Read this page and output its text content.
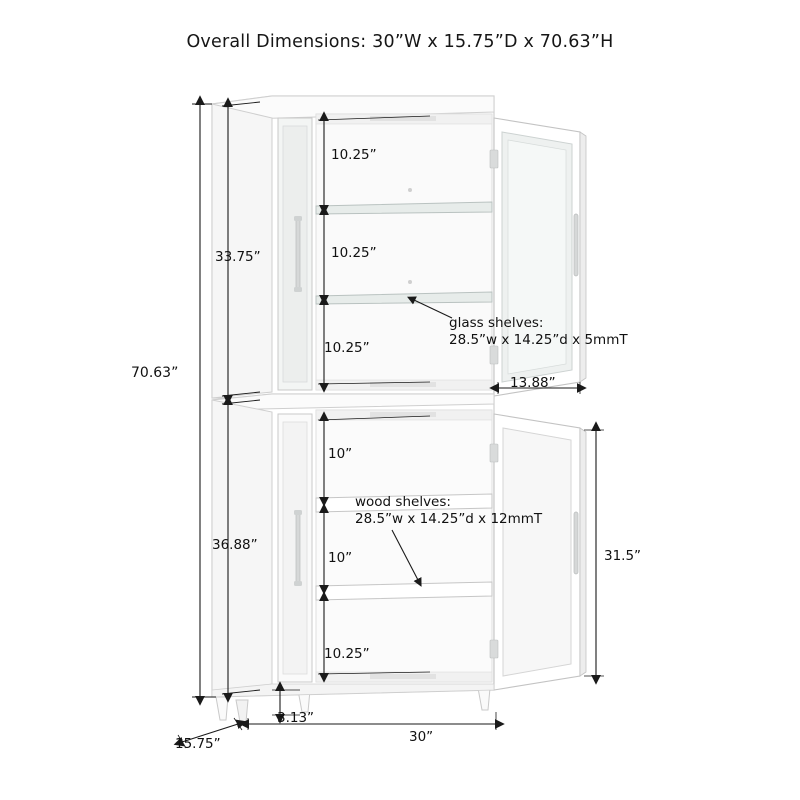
Overall Dimensions: 30”W x 15.75”D x 70.63”H
70.63”
33.75”
36.88”
10.25”
10.25”
10.25”
10”
10”
10.25”
13.88”
31.5”
3.13”
15.75”	30”
glass shelves:
28.5”w x 14.25”d x 5mmT
wood shelves:
28.5”w x 14.25”d x 12mmT
